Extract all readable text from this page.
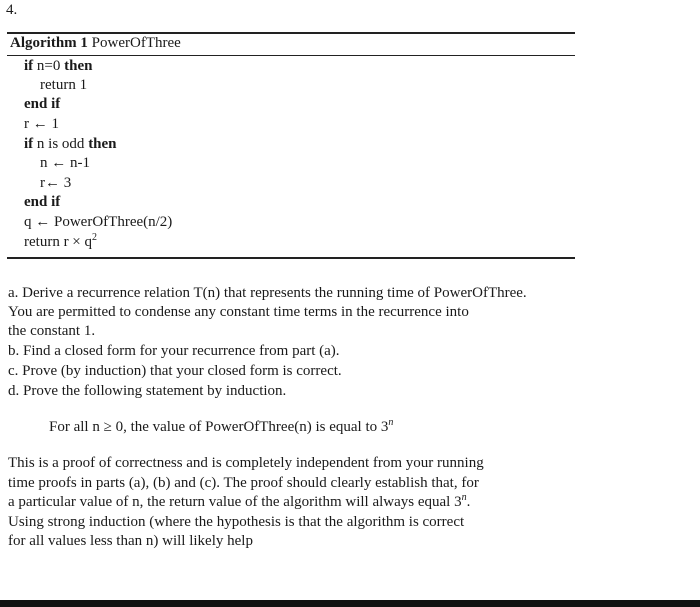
4.
Algorithm 1 PowerOfThree
if n=0 then
return 1
end if
r ← 1
if n is odd then
n ← n-1
r← 3
end if
q ← PowerOfThree(n/2)
return $r \times q^2$
a. Derive a recurrence relation T(n) that represents the running time of PowerOfThree.
You are permitted to condense any constant time terms in the recurrence into
the constant 1.
b. Find a closed form for your recurrence from part (a).
c. Prove (by induction) that your closed form is correct.
d. Prove the following statement by induction.
For all n ≥ 0, the value of PowerOfThree(n) is equal to 3$^n$
This is a proof of correctness and is completely independent from your running
time proofs in parts (a), (b) and (c). The proof should clearly establish that, for
a particular value of n, the return value of the algorithm will always equal 3$^n$.
Using strong induction (where the hypothesis is that the algorithm is correct
for all values less than n) will likely help
